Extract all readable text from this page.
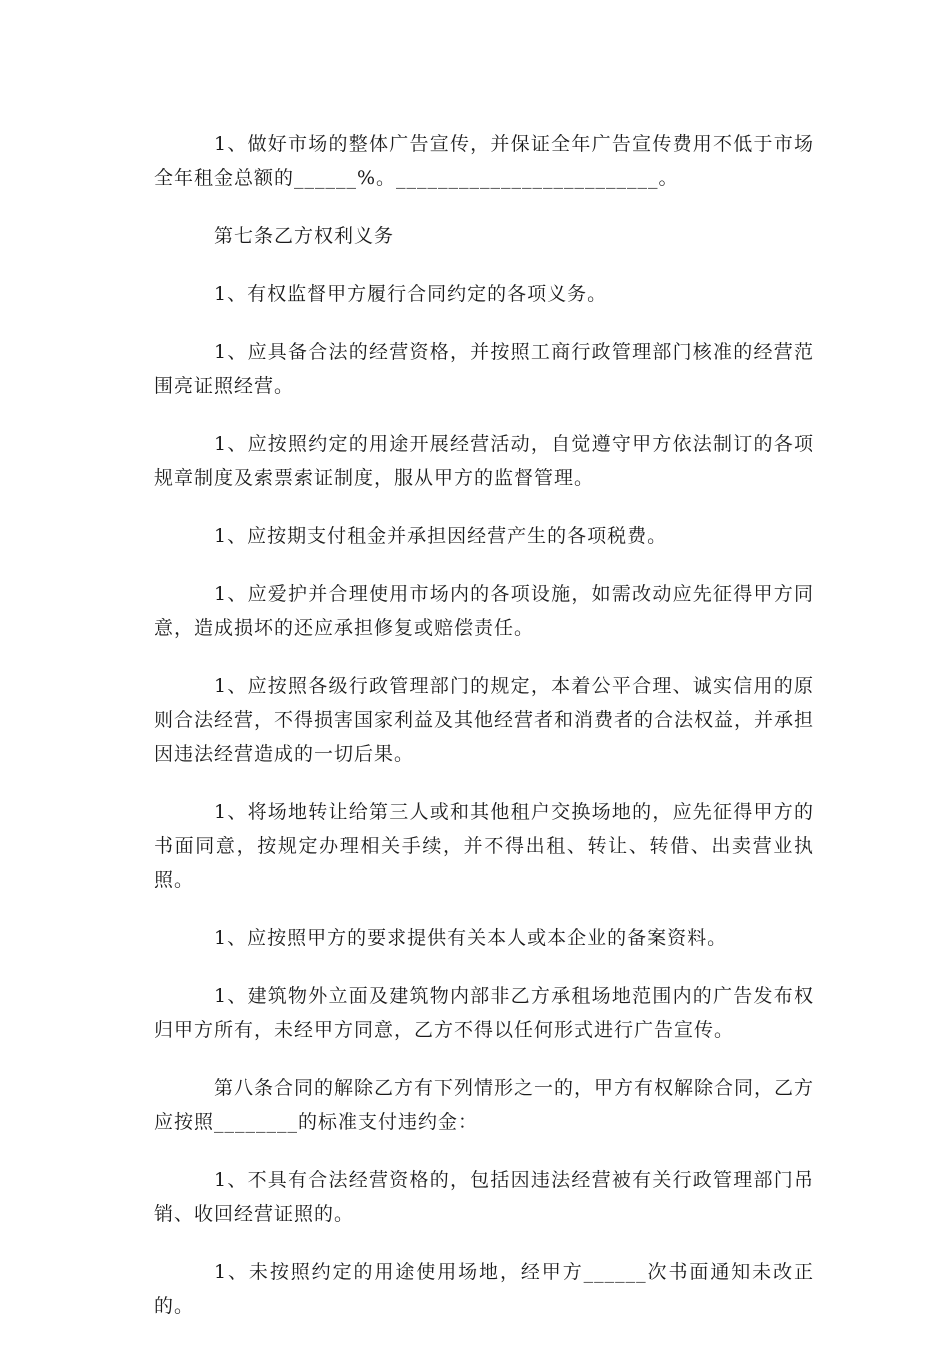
1、做好市场的整体广告宣传，并保证全年广告宣传费用不低于市场全年租金总额的______%。_________________________。

第七条乙方权利义务

1、有权监督甲方履行合同约定的各项义务。

1、应具备合法的经营资格，并按照工商行政管理部门核准的经营范围亮证照经营。

1、应按照约定的用途开展经营活动，自觉遵守甲方依法制订的各项规章制度及索票索证制度，服从甲方的监督管理。

1、应按期支付租金并承担因经营产生的各项税费。

1、应爱护并合理使用市场内的各项设施，如需改动应先征得甲方同意，造成损坏的还应承担修复或赔偿责任。

1、应按照各级行政管理部门的规定，本着公平合理、诚实信用的原则合法经营，不得损害国家利益及其他经营者和消费者的合法权益，并承担因违法经营造成的一切后果。

1、将场地转让给第三人或和其他租户交换场地的，应先征得甲方的书面同意，按规定办理相关手续，并不得出租、转让、转借、出卖营业执照。

1、应按照甲方的要求提供有关本人或本企业的备案资料。

1、建筑物外立面及建筑物内部非乙方承租场地范围内的广告发布权归甲方所有，未经甲方同意，乙方不得以任何形式进行广告宣传。

第八条合同的解除乙方有下列情形之一的，甲方有权解除合同，乙方应按照________的标准支付违约金：

1、不具有合法经营资格的，包括因违法经营被有关行政管理部门吊销、收回经营证照的。

1、未按照约定的用途使用场地，经甲方______次书面通知未改正的。
